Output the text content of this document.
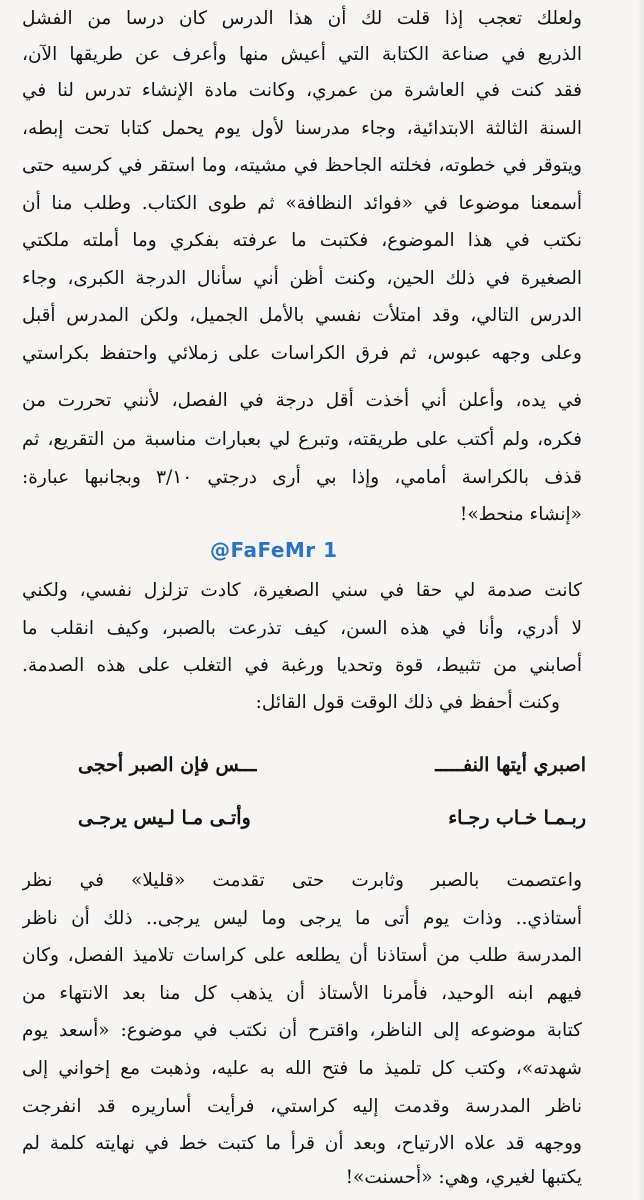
ولعلك تعجب إذا قلت لك أن هذا الدرس كان درسا من الفشل
الذريع في صناعة الكتابة التي أعيش منها وأعرف عن طريقها الآن،
فقد كنت في العاشرة من عمري، وكانت مادة الإنشاء تدرس لنا في
السنة الثالثة الابتدائية، وجاء مدرسنا لأول يوم يحمل كتابا تحت إبطه،
ويتوقر في خطوته، فخلته الجاحظ في مشيته، وما استقر في كرسيه حتى
أسمعنا موضوعا في «فوائد النظافة» ثم طوى الكتاب. وطلب منا أن
نكتب في هذا الموضوع، فكتبت ما عرفته بفكري وما أملته ملكتي
الصغيرة في ذلك الحين، وكنت أظن أني سأنال الدرجة الكبرى، وجاء
الدرس التالي، وقد امتلأت نفسي بالأمل الجميل، ولكن المدرس أقبل
وعلى وجهه عبوس، ثم فرق الكراسات على زملائي واحتفظ بكراستي
في يده، وأعلن أني أخذت أقل درجة في الفصل، لأنني تحررت من
فكره، ولم أكتب على طريقته، وتبرع لي بعبارات مناسبة من التقريع، ثم
قذف بالكراسة أمامي، وإذا بي أرى درجتي ٣/١٠ وبجانبها عبارة:
«إنشاء منحط»!
@FaFeMr 1
كانت صدمة لي حقا في سني الصغيرة، كادت تزلزل نفسي، ولكني
لا أدري، وأنا في هذه السن، كيف تذرعت بالصبر، وكيف انقلب ما
أصابني من تثبيط، قوة وتحديا ورغبة في التغلب على هذه الصدمة.
وكنت أحفظ في ذلك الوقت قول القائل:
اصبري أيتها النفـــــ
ـــس فإن الصبر أحجى
ربـمـا خـاب رجـاء
وأتـى مـا لـيس يرجـى
واعتصمت بالصبر وثابرت حتى تقدمت «قليلا» في نظر
أستاذي.. وذات يوم أتى ما يرجى وما ليس يرجى.. ذلك أن ناظر
المدرسة طلب من أستاذنا أن يطلعه على كراسات تلاميذ الفصل، وكان
فيهم ابنه الوحيد، فأمرنا الأستاذ أن يذهب كل منا بعد الانتهاء من
كتابة موضوعه إلى الناظر، واقترح أن نكتب في موضوع: «أسعد يوم
شهدته»، وكتب كل تلميذ ما فتح الله به عليه، وذهبت مع إخواني إلى
ناظر المدرسة وقدمت إليه كراستي، فرأيت أساريره قد انفرجت
ووجهه قد علاه الارتياح، وبعد أن قرأ ما كتبت خط في نهايته كلمة لم
يكتبها لغيري، وهي: «أحسنت»!
